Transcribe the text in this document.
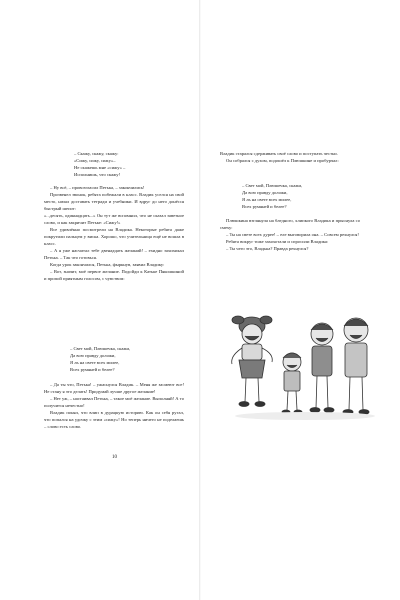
– Скажу, скажу, скажу:
«Сижу, сижу, сижу»–
Не скажешь мне «сижу» –
Исполнишь, что скажу!

– Ну всё, – провозгласил Петька, – закончились!

Прозвенел звонок, ребята побежали в класс. Владик уселся на свой место, начал доставать тетради и учебники. И вдруг до него донёсся быстрый шепот:

«...десять, одиннадцать...» Он тут же вспомнил, что не сказал заветное слово, и как закричит Петьке: «Сижу!»

Все удивлённо посмотрели на Владика. Некоторые ребята даже покрутили пальцем у виска. Хорошо, что учительница ещё не вошла в класс.

– А я уже насчитал тебе двенадцать желаний! – ехидно захихикал Петька. – Так что готовься.

Когда урок закончился, Петька, фыркнув, заявил Владику:

– Вот, значит, моё первое желание. Подойди к Катьке Пякошкиной и пропой приятным голосом, с чувством:

– Свет мой, Плюшечка, скажи,
Да всю правду доложи,
Я ль на свете всех милее,
Всех румяней и белее?

– Да ты что, Петька! – ужаснулся Владик. – Меня же засмеют все! Не стану я это делать! Придумай лучше другое желание!

– Нет уж, – настаивал Петька, – такое моё желание. Выполняй! А то получится нечестно!

Владик понял, что влип в дурацкую историю. Как он себя ругал, что попался на удочку с этим «сижу»! Но теперь ничего не поделаешь – слово есть слово.

10

Владик старался сдерживать своё слово и поступать честно.

Он собрался с духом, подошёл к Плюшкине и пробурчал:

– Свет мой, Плюшечка, скажи,
Да всю правду доложи,
Я ль на свете всех милее,
Всех румяней и белее?

Плюшкина взглянула на бледного, хлипкого Владика и прыснула со смеху:

– Ты на свете всех дурее! – еле выговорила она. – Совсем рехнулся!

Ребята вокруг тоже захохотали и спросили Владика:

– Ты чего это, Владька? Правда рехнулся?
